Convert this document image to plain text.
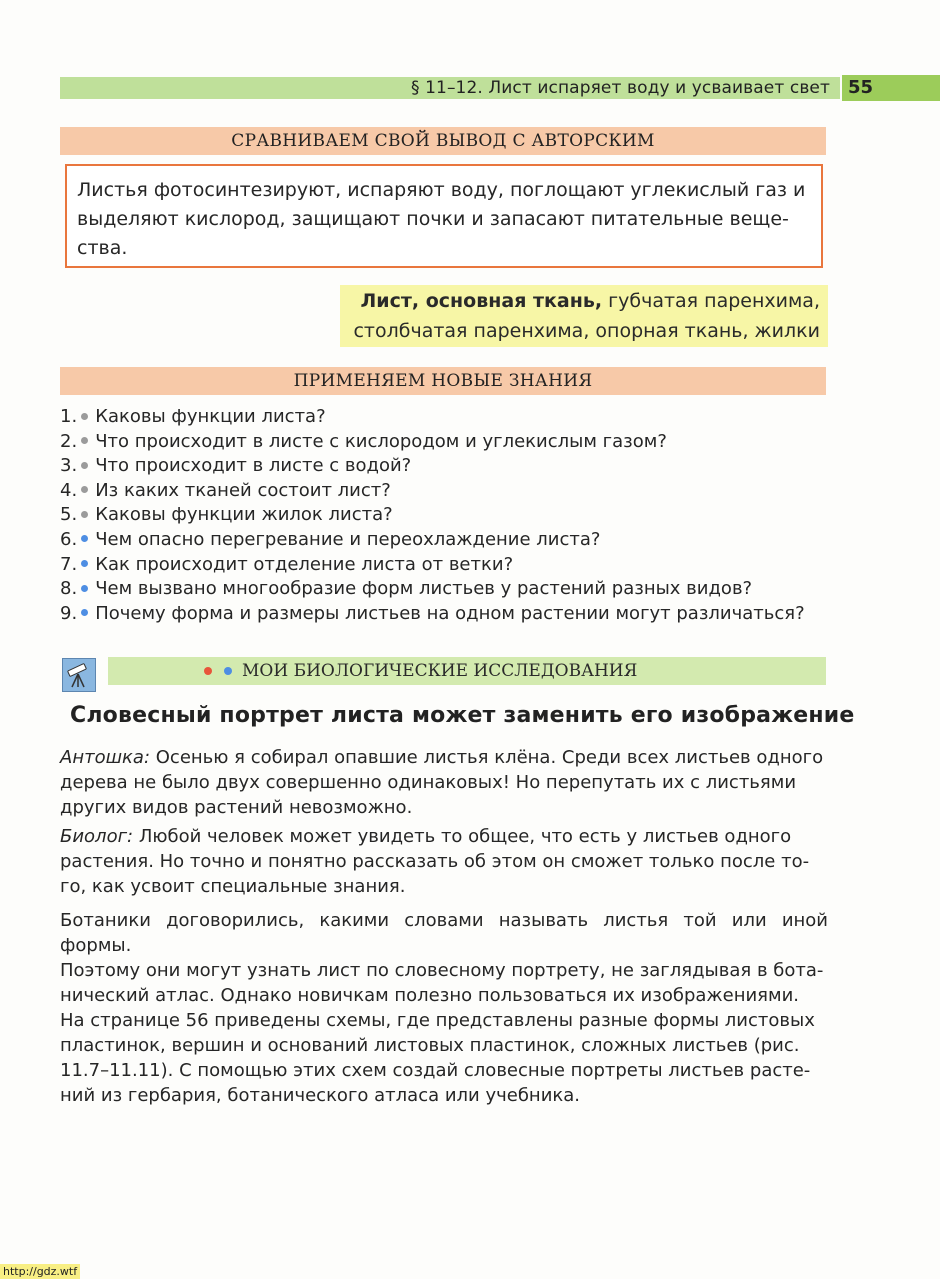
§ 11–12. Лист испаряет воду и усваивает свет	55
СРАВНИВАЕМ СВОЙ ВЫВОД С АВТОРСКИМ
Листья фотосинтезируют, испаряют воду, поглощают углекислый газ и
выделяют кислород, защищают почки и запасают питательные веще-
ства.
Лист, основная ткань, губчатая паренхима,
столбчатая паренхима, опорная ткань, жилки
ПРИМЕНЯЕМ НОВЫЕ ЗНАНИЯ
1. Каковы функции листа?
2. Что происходит в листе с кислородом и углекислым газом?
3. Что происходит в листе с водой?
4. Из каких тканей состоит лист?
5. Каковы функции жилок листа?
6. Чем опасно перегревание и переохлаждение листа?
7. Как происходит отделение листа от ветки?
8. Чем вызвано многообразие форм листьев у растений разных видов?
9. Почему форма и размеры листьев на одном растении могут различаться?
МОИ БИОЛОГИЧЕСКИЕ ИССЛЕДОВАНИЯ
Словесный портрет листа может заменить его изображение
Антошка: Осенью я собирал опавшие листья клёна. Среди всех листьев одного
дерева не было двух совершенно одинаковых! Но перепутать их с листьями
других видов растений невозможно.
Биолог: Любой человек может увидеть то общее, что есть у листьев одного
растения. Но точно и понятно рассказать об этом он сможет только после то-
го, как усвоит специальные знания.
Ботаники договорились, какими словами называть листья той или иной формы.
Поэтому они могут узнать лист по словесному портрету, не заглядывая в бота-
нический атлас. Однако новичкам полезно пользоваться их изображениями.
На странице 56 приведены схемы, где представлены разные формы листовых
пластинок, вершин и оснований листовых пластинок, сложных листьев (рис.
11.7–11.11). С помощью этих схем создай словесные портреты листьев расте-
ний из гербария, ботанического атласа или учебника.
http://gdz.wtf
